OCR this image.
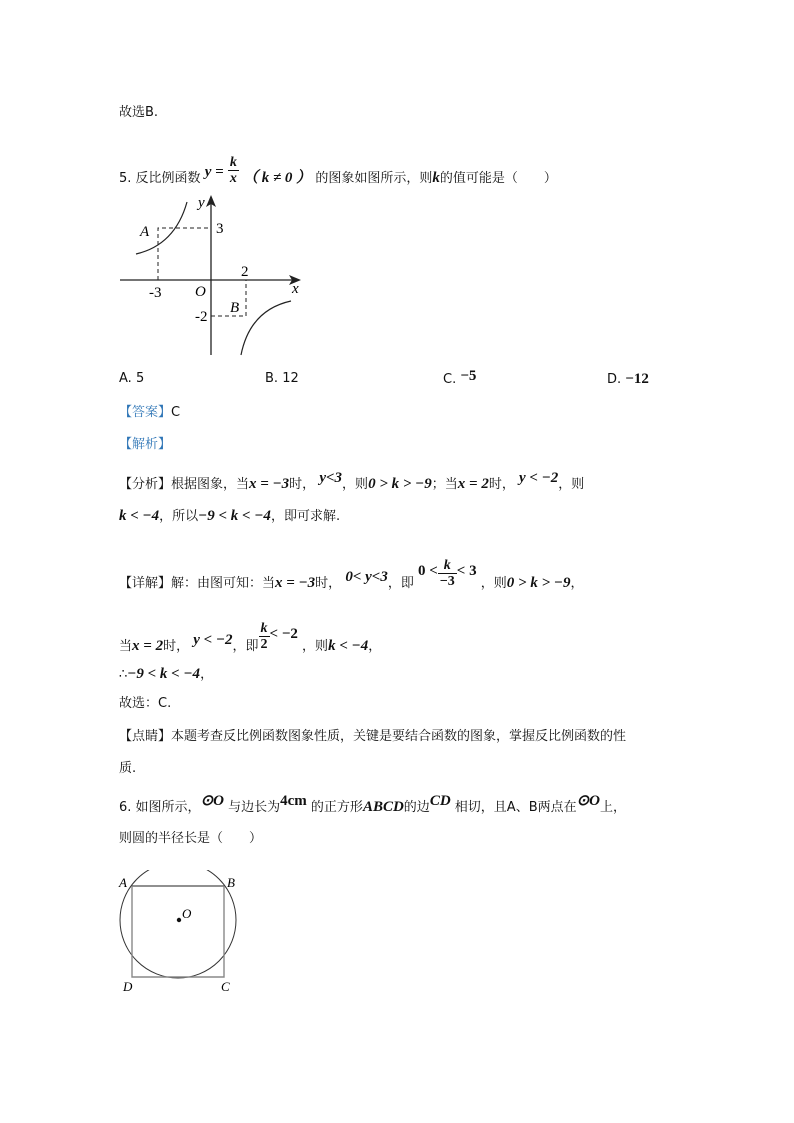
故选B.
5. 反比例函数 $y = \frac{k}{x}$ （ k ≠ 0 ） 的图象如图所示，则k的值可能是（　　）
y
x
O
A
B
-3
2
3
-2
A. 5	B. 12	C. −5	D. −12
【答案】C
【解析】
【分析】根据图象，当x = −3时， y<3，则0 > k > −9；当x = 2时， y < −2，则
k < −4，所以−9 < k < −4，即可求解.
【详解】解：由图可知：当x = −3时， 0< y<3，即 $0 < \frac{k}{-3} < 3$ ，则0 > k > −9，
当x = 2时， y < −2，即 $\frac{k}{2} < -2$ ，则k < −4，
∴−9 < k < −4，
故选：C.
【点睛】本题考查反比例函数图象性质，关键是要结合函数的图象，掌握反比例函数的性
质.
6. 如图所示，⊙O 与边长为4cm 的正方形ABCD的边CD 相切，且A、B两点在⊙O上，
则圆的半径长是（　　）
O
A	B
C
D
